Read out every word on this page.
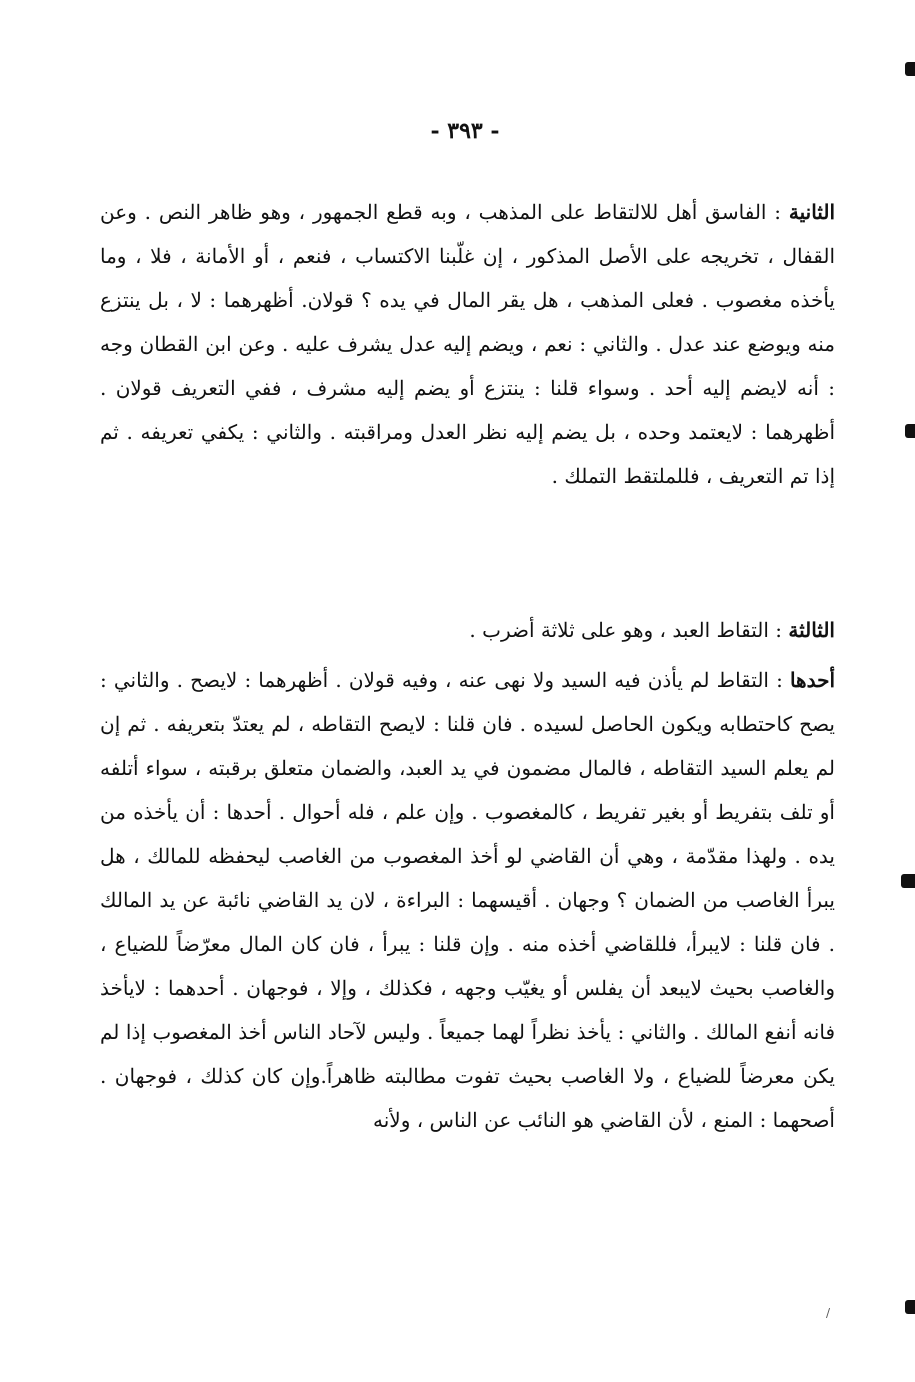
- ٣٩٣ -

الثانية : الفاسق أهل للالتقاط على المذهب ، وبه قطع الجمهور ، وهو ظاهر النص . وعن القفال ، تخريجه على الأصل المذكور ، إن غلّبنا الاكتساب ، فنعم ، أو الأمانة ، فلا ، وما يأخذه مغصوب . فعلى المذهب ، هل يقر المال في يده ؟ قولان. أظهرهما : لا ، بل ينتزع منه ويوضع عند عدل . والثاني : نعم ، ويضم إليه عدل يشرف عليه . وعن ابن القطان وجه : أنه لايضم إليه أحد . وسواء قلنا : ينتزع أو يضم إليه مشرف ، ففي التعريف قولان . أظهرهما : لايعتمد وحده ، بل يضم إليه نظر العدل ومراقبته . والثاني : يكفي تعريفه . ثم إذا تم التعريف ، فللملتقط التملك .

الثالثة : التقاط العبد ، وهو على ثلاثة أضرب .

أحدها : التقاط لم يأذن فيه السيد ولا نهى عنه ، وفيه قولان . أظهرهما : لايصح . والثاني : يصح كاحتطابه ويكون الحاصل لسيده . فان قلنا : لايصح التقاطه ، لم يعتدّ بتعريفه . ثم إن لم يعلم السيد التقاطه ، فالمال مضمون في يد العبد، والضمان متعلق برقبته ، سواء أتلفه أو تلف بتفريط أو بغير تفريط ، كالمغصوب . وإن علم ، فله أحوال . أحدها : أن يأخذه من يده . ولهذا مقدّمة ، وهي أن القاضي لو أخذ المغصوب من الغاصب ليحفظه للمالك ، هل يبرأ الغاصب من الضمان ؟ وجهان . أقيسهما : البراءة ، لان يد القاضي نائبة عن يد المالك . فان قلنا : لايبرأ، فللقاضي أخذه منه . وإن قلنا : يبرأ ، فان كان المال معرّضاً للضياع ، والغاصب بحيث لايبعد أن يفلس أو يغيّب وجهه ، فكذلك ، وإلا ، فوجهان . أحدهما : لايأخذ فانه أنفع المالك . والثاني : يأخذ نظراً لهما جميعاً . وليس لآحاد الناس أخذ المغصوب إذا لم يكن معرضاً للضياع ، ولا الغاصب بحيث تفوت مطالبته ظاهراً.وإن كان كذلك ، فوجهان . أصحهما : المنع ، لأن القاضي هو النائب عن الناس ، ولأنه

/
